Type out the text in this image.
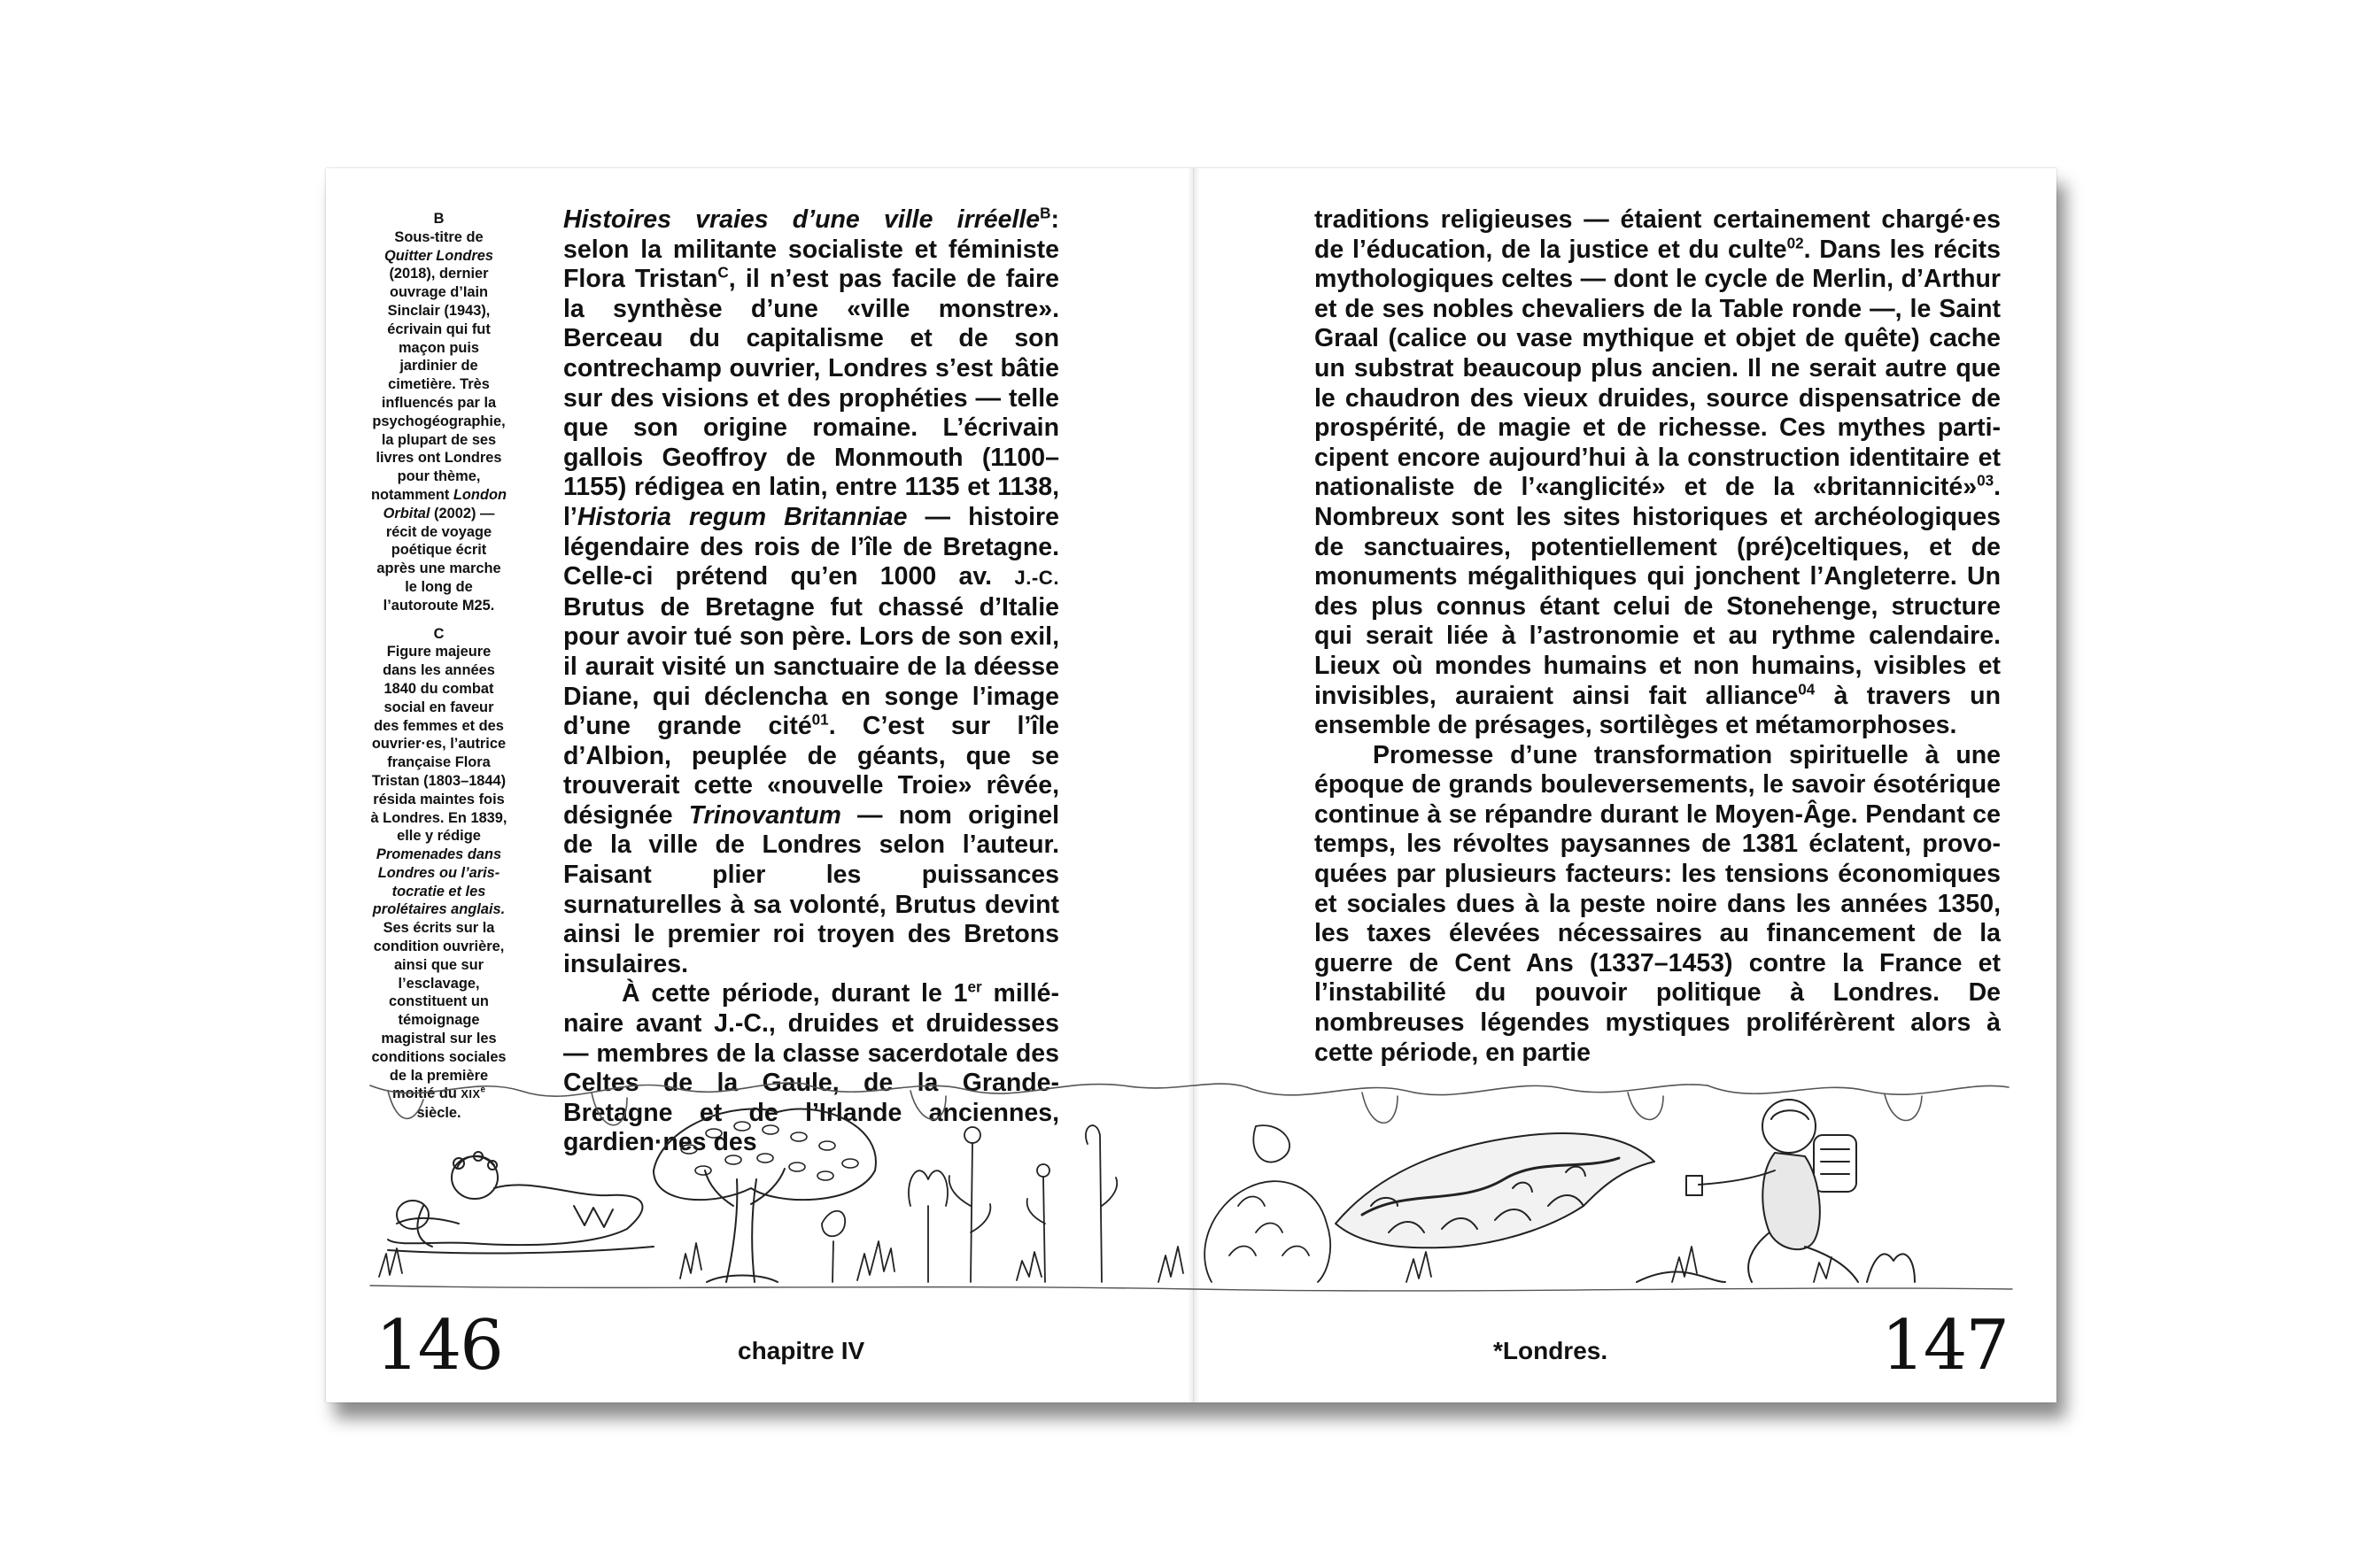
B
Sous-titre de Quitter Londres (2018), dernier ouvrage d’Iain Sinclair (1943), écrivain qui fut maçon puis jardinier de cimetière. Très influencés par la psychogéographie, la plupart de ses livres ont Londres pour thème, notamment London Orbital (2002) — récit de voyage poétique écrit après une marche le long de l’autoroute M25.

C
Figure majeure dans les années 1840 du combat social en faveur des femmes et des ouvrier·es, l’autrice française Flora Tristan (1803–1844) résida maintes fois à Londres. En 1839, elle y rédige Promenades dans Londres ou l’aristocratie et les prolétaires anglais. Ses écrits sur la condition ouvrière, ainsi que sur l’esclavage, constituent un témoignage magistral sur les conditions sociales de la première moitié du XIXe siècle.

Histoires vraies d’une ville irréelle$^B$: selon la militante socialiste et féministe Flora Tristan$^C$, il n’est pas facile de faire la synthèse d’une «ville monstre». Berceau du capitalisme et de son contrechamp ouvrier, Londres s’est bâtie sur des visions et des prophéties — telle que son origine romaine. L’écrivain gallois Geoffroy de Monmouth (1100–1155) rédigea en latin, entre 1135 et 1138, l’Historia regum Britanniae — histoire légendaire des rois de l’île de Bretagne. Celle-ci prétend qu’en 1000 av. J.-C. Brutus de Bretagne fut chassé d’Italie pour avoir tué son père. Lors de son exil, il aurait visité un sanctuaire de la déesse Diane, qui déclencha en songe l’image d’une grande cité$^{01}$. C’est sur l’île d’Albion, peuplée de géants, que se trouverait cette «nouvelle Troie» rêvée, désignée Trinovantum — nom originel de la ville de Londres selon l’auteur. Faisant plier les puissances surnaturelles à sa volonté, Brutus devint ainsi le premier roi troyen des Bretons insulaires.

À cette période, durant le 1er millénaire avant J.-C., druides et druidesses — membres de la classe sacerdotale des Celtes de la Gaule, de la Grande-Bretagne et de l’Irlande anciennes, gardien·nes des

traditions religieuses — étaient certainement chargé·es de l’éducation, de la justice et du culte$^{02}$. Dans les récits mythologiques celtes — dont le cycle de Merlin, d’Arthur et de ses nobles chevaliers de la Table ronde —, le Saint Graal (calice ou vase mythique et objet de quête) cache un substrat beaucoup plus ancien. Il ne serait autre que le chaudron des vieux druides, source dispensatrice de prospérité, de magie et de richesse. Ces mythes participent encore aujourd’hui à la construction identitaire et nationaliste de l’«anglicité» et de la «britannicité»$^{03}$. Nombreux sont les sites historiques et archéologiques de sanctuaires, potentiellement (pré)celtiques, et de monuments mégalithiques qui jonchent l’Angleterre. Un des plus connus étant celui de Stonehenge, structure qui serait liée à l’astronomie et au rythme calendaire. Lieux où mondes humains et non humains, visibles et invisibles, auraient ainsi fait alliance$^{04}$ à travers un ensemble de présages, sortilèges et métamorphoses.

Promesse d’une transformation spirituelle à une époque de grands bouleversements, le savoir ésotérique continue à se répandre durant le Moyen-Âge. Pendant ce temps, les révoltes paysannes de 1381 éclatent, provoquées par plusieurs facteurs: les tensions économiques et sociales dues à la peste noire dans les années 1350, les taxes élevées nécessaires au financement de la guerre de Cent Ans (1337–1453) contre la France et l’instabilité du pouvoir politique à Londres. De nombreuses légendes mystiques proliférèrent alors à cette période, en partie

146	chapitre IV	*Londres.	147
